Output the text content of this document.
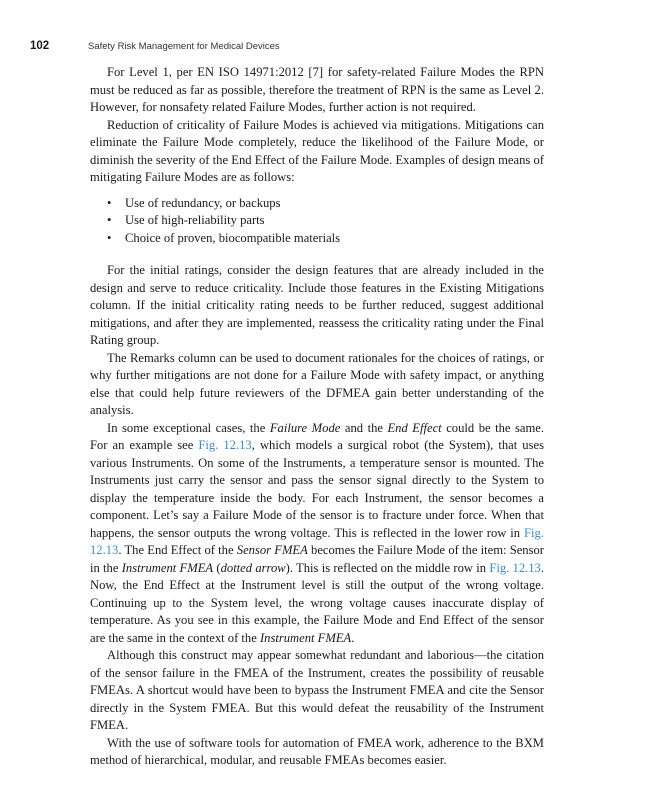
102	Safety Risk Management for Medical Devices

For Level 1, per EN ISO 14971:2012 [7] for safety-related Failure Modes the RPN must be reduced as far as possible, therefore the treatment of RPN is the same as Level 2. However, for nonsafety related Failure Modes, further action is not required.

Reduction of criticality of Failure Modes is achieved via mitigations. Mitigations can eliminate the Failure Mode completely, reduce the likelihood of the Failure Mode, or diminish the severity of the End Effect of the Failure Mode. Examples of design means of mitigating Failure Modes are as follows:

• Use of redundancy, or backups
• Use of high-reliability parts
• Choice of proven, biocompatible materials

For the initial ratings, consider the design features that are already included in the design and serve to reduce criticality. Include those features in the Existing Mitigations column. If the initial criticality rating needs to be further reduced, suggest additional mitigations, and after they are implemented, reassess the criticality rating under the Final Rating group.

The Remarks column can be used to document rationales for the choices of ratings, or why further mitigations are not done for a Failure Mode with safety impact, or anything else that could help future reviewers of the DFMEA gain better understanding of the analysis.

In some exceptional cases, the Failure Mode and the End Effect could be the same. For an example see Fig. 12.13, which models a surgical robot (the System), that uses various Instruments. On some of the Instruments, a temperature sensor is mounted. The Instruments just carry the sensor and pass the sensor signal directly to the System to display the temperature inside the body. For each Instrument, the sensor becomes a component. Let’s say a Failure Mode of the sensor is to fracture under force. When that happens, the sensor outputs the wrong voltage. This is reflected in the lower row in Fig. 12.13. The End Effect of the Sensor FMEA becomes the Failure Mode of the item: Sensor in the Instrument FMEA (dotted arrow). This is reflected on the middle row in Fig. 12.13. Now, the End Effect at the Instrument level is still the output of the wrong voltage. Continuing up to the System level, the wrong voltage causes inaccurate display of temperature. As you see in this example, the Failure Mode and End Effect of the sensor are the same in the context of the Instrument FMEA.

Although this construct may appear somewhat redundant and laborious—the citation of the sensor failure in the FMEA of the Instrument, creates the possibility of reusable FMEAs. A shortcut would have been to bypass the Instrument FMEA and cite the Sensor directly in the System FMEA. But this would defeat the reusability of the Instrument FMEA.

With the use of software tools for automation of FMEA work, adherence to the BXM method of hierarchical, modular, and reusable FMEAs becomes easier.
